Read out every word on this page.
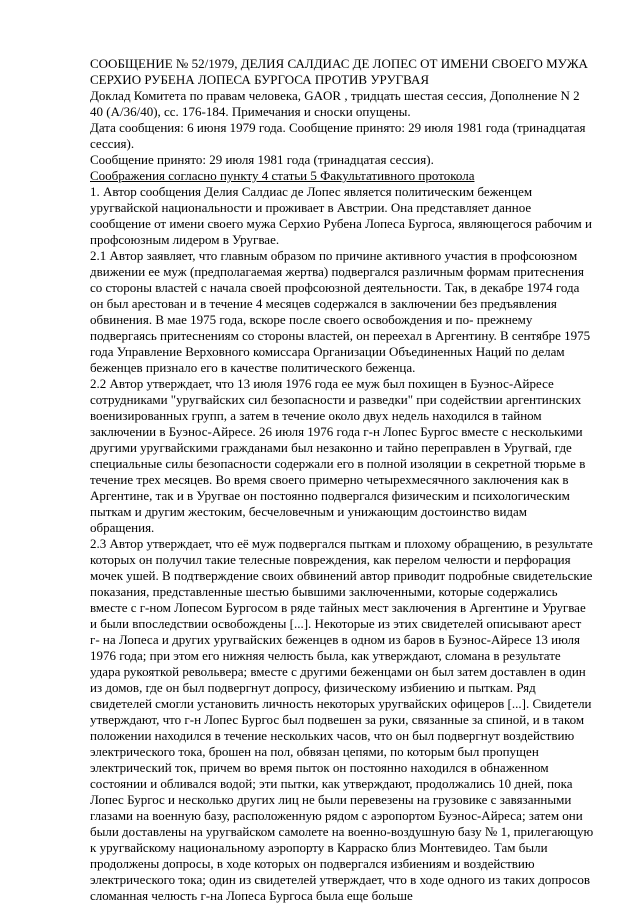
СООБЩЕНИЕ № 52/1979, ДЕЛИЯ САЛДИАС ДЕ ЛОПЕС ОТ ИМЕНИ СВОЕГО МУЖА СЕРХИО РУБЕНА ЛОПЕСА БУРГОСА ПРОТИВ УРУГВАЯ

Доклад Комитета по правам человека, GAOR , тридцать шестая сессия, Дополнение N 2 40 (А/36/40), сс. 176-184. Примечания и сноски опущены.

Дата сообщения: 6 июня 1979 года. Сообщение принято: 29 июля 1981 года (тринадцатая сессия).

Сообщение принято: 29 июля 1981 года (тринадцатая сессия).

Соображения согласно пункту 4 статьи 5 Факультативного протокола

1. Автор сообщения Делия Салдиас де Лопес является политическим беженцем уругвайской национальности и проживает в Австрии. Она представляет данное сообщение от имени своего мужа Серхио Рубена Лопеса Бургоса, являющегося рабочим и профсоюзным лидером в Уругвае.

2.1 Автор заявляет, что главным образом по причине активного участия в профсоюзном движении ее муж (предполагаемая жертва) подвергался различным формам притеснения со стороны властей с начала своей профсоюзной деятельности. Так, в декабре 1974 года он был арестован и в течение 4 месяцев содержался в заключении без предъявления обвинения. В мае 1975 года, вскоре после своего освобождения и по- прежнему подвергаясь притеснениям со стороны властей, он переехал в Аргентину. В сентябре 1975 года Управление Верховного комиссара Организации Объединенных Наций по делам беженцев признало его в качестве политического беженца.

2.2 Автор утверждает, что 13 июля 1976 года ее муж был похищен в Буэнос-Айресе сотрудниками "уругвайских сил безопасности и разведки" при содействии аргентинских военизированных групп, а затем в течение около двух недель находился в тайном заключении в Буэнос-Айресе. 26 июля 1976 года г-н Лопес Бургос вместе с несколькими другими уругвайскими гражданами был незаконно и тайно переправлен в Уругвай, где специальные силы безопасности содержали его в полной изоляции в секретной тюрьме в течение трех месяцев. Во время своего примерно четырехмесячного заключения как в Аргентине, так и в Уругвае он постоянно подвергался физическим и психологическим пыткам и другим жестоким, бесчеловечным и унижающим достоинство видам обращения.

2.3 Автор утверждает, что её муж подвергался пыткам и плохому обращению, в результате которых он получил такие телесные повреждения, как перелом челюсти и перфорация мочек ушей. В подтверждение своих обвинений автор приводит подробные свидетельские показания, представленные шестью бывшими заключенными, которые содержались вместе с г-ном Лопесом Бургосом в ряде тайных мест заключения в Аргентине и Уругвае и были впоследствии освобождены [...]. Некоторые из этих свидетелей описывают арест г- на Лопеса и других уругвайских беженцев в одном из баров в Буэнос-Айресе 13 июля 1976 года; при этом его нижняя челюсть была, как утверждают, сломана в результате удара рукояткой револьвера; вместе с другими беженцами он был затем доставлен в один из домов, где он был подвергнут допросу, физическому избиению и пыткам. Ряд свидетелей смогли установить личность некоторых уругвайских офицеров [...]. Свидетели утверждают, что г-н Лопес Бургос был подвешен за руки, связанные за спиной, и в таком положении находился в течение нескольких часов, что он был подвергнут воздействию электрического тока, брошен на пол, обвязан цепями, по которым был пропущен электрический ток, причем во время пыток он постоянно находился в обнаженном состоянии и обливался водой; эти пытки, как утверждают, продолжались 10 дней, пока Лопес Бургос и несколько других лиц не были перевезены на грузовике с завязанными глазами на военную базу, расположенную рядом с аэропортом Буэнос-Айреса; затем они были доставлены на уругвайском самолете на военно-воздушную базу № 1, прилегающую к уругвайскому национальному аэропорту в Карраско близ Монтевидео. Там были продолжены допросы, в ходе которых он подвергался избиениям и воздействию электрического тока; один из свидетелей утверждает, что в ходе одного из таких допросов сломанная челюсть г-на Лопеса Бургоса была еще больше
